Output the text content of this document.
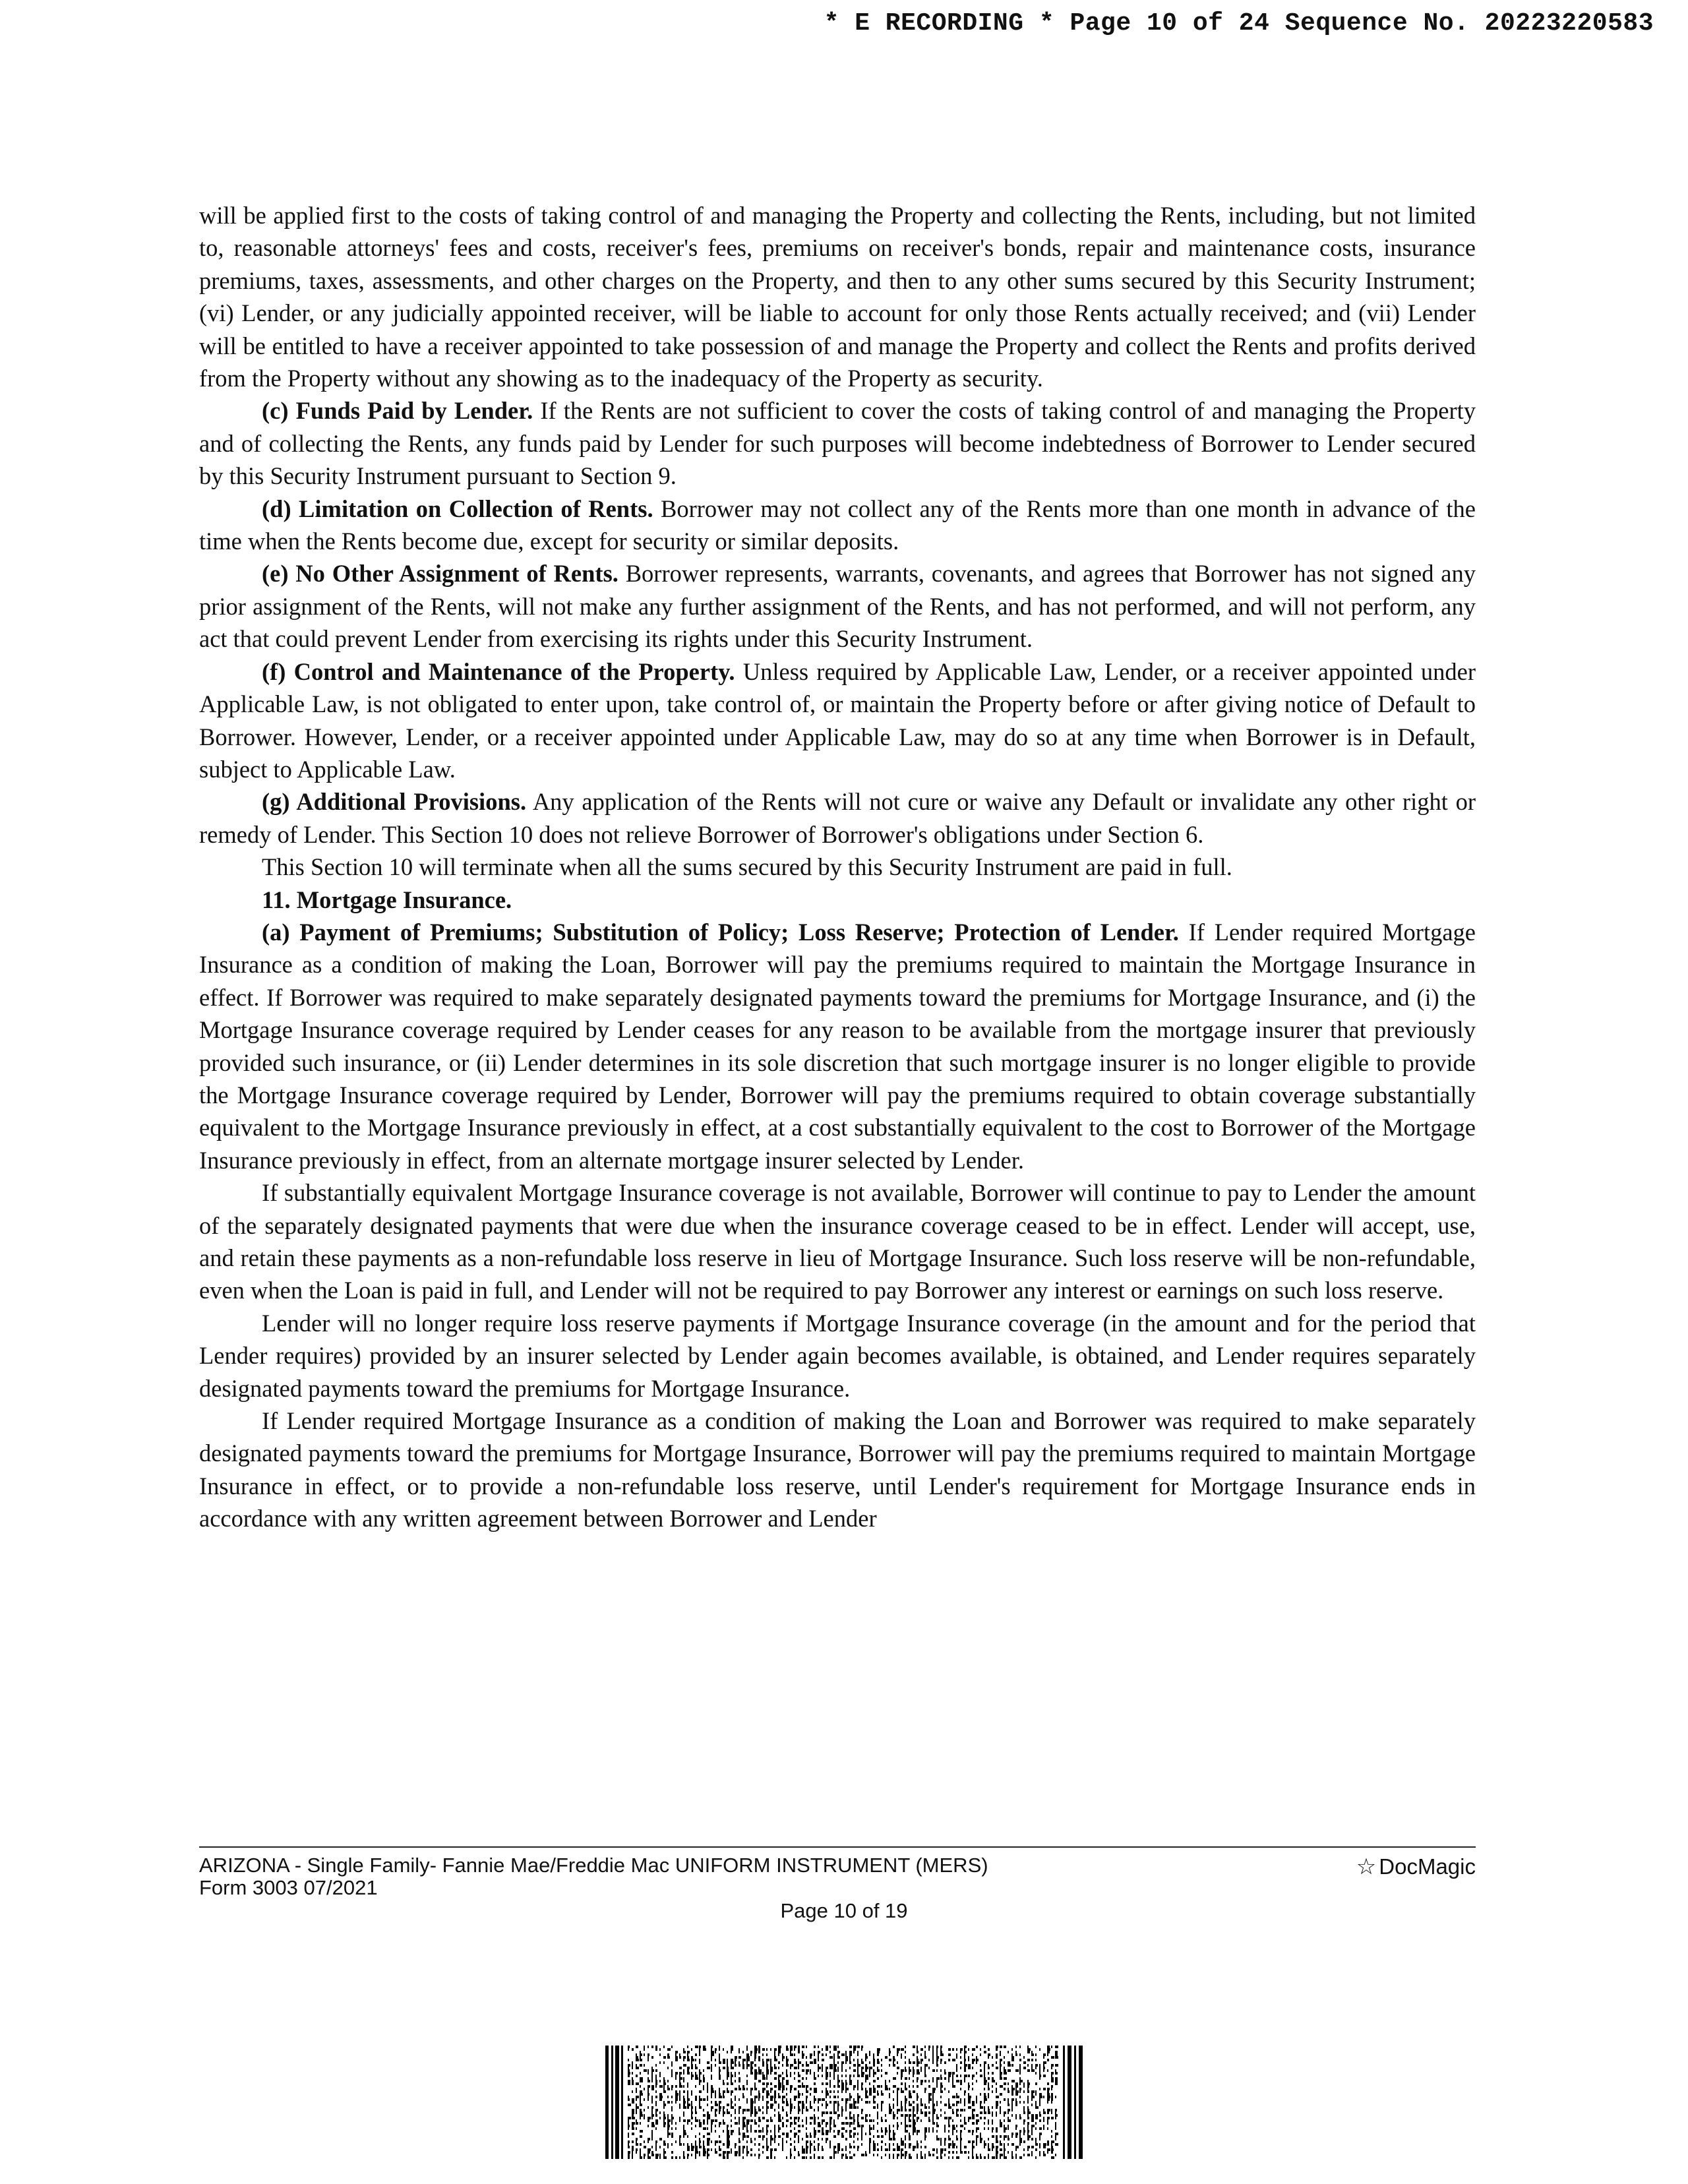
* E RECORDING * Page 10 of 24 Sequence No. 20223220583

will be applied first to the costs of taking control of and managing the Property and collecting the Rents, including, but not limited to, reasonable attorneys' fees and costs, receiver's fees, premiums on receiver's bonds, repair and maintenance costs, insurance premiums, taxes, assessments, and other charges on the Property, and then to any other sums secured by this Security Instrument; (vi) Lender, or any judicially appointed receiver, will be liable to account for only those Rents actually received; and (vii) Lender will be entitled to have a receiver appointed to take possession of and manage the Property and collect the Rents and profits derived from the Property without any showing as to the inadequacy of the Property as security.

(c) Funds Paid by Lender. If the Rents are not sufficient to cover the costs of taking control of and managing the Property and of collecting the Rents, any funds paid by Lender for such purposes will become indebtedness of Borrower to Lender secured by this Security Instrument pursuant to Section 9.

(d) Limitation on Collection of Rents. Borrower may not collect any of the Rents more than one month in advance of the time when the Rents become due, except for security or similar deposits.

(e) No Other Assignment of Rents. Borrower represents, warrants, covenants, and agrees that Borrower has not signed any prior assignment of the Rents, will not make any further assignment of the Rents, and has not performed, and will not perform, any act that could prevent Lender from exercising its rights under this Security Instrument.

(f) Control and Maintenance of the Property. Unless required by Applicable Law, Lender, or a receiver appointed under Applicable Law, is not obligated to enter upon, take control of, or maintain the Property before or after giving notice of Default to Borrower. However, Lender, or a receiver appointed under Applicable Law, may do so at any time when Borrower is in Default, subject to Applicable Law.

(g) Additional Provisions. Any application of the Rents will not cure or waive any Default or invalidate any other right or remedy of Lender. This Section 10 does not relieve Borrower of Borrower's obligations under Section 6.

This Section 10 will terminate when all the sums secured by this Security Instrument are paid in full.

11. Mortgage Insurance.

(a) Payment of Premiums; Substitution of Policy; Loss Reserve; Protection of Lender. If Lender required Mortgage Insurance as a condition of making the Loan, Borrower will pay the premiums required to maintain the Mortgage Insurance in effect. If Borrower was required to make separately designated payments toward the premiums for Mortgage Insurance, and (i) the Mortgage Insurance coverage required by Lender ceases for any reason to be available from the mortgage insurer that previously provided such insurance, or (ii) Lender determines in its sole discretion that such mortgage insurer is no longer eligible to provide the Mortgage Insurance coverage required by Lender, Borrower will pay the premiums required to obtain coverage substantially equivalent to the Mortgage Insurance previously in effect, at a cost substantially equivalent to the cost to Borrower of the Mortgage Insurance previously in effect, from an alternate mortgage insurer selected by Lender.

If substantially equivalent Mortgage Insurance coverage is not available, Borrower will continue to pay to Lender the amount of the separately designated payments that were due when the insurance coverage ceased to be in effect. Lender will accept, use, and retain these payments as a non-refundable loss reserve in lieu of Mortgage Insurance. Such loss reserve will be non-refundable, even when the Loan is paid in full, and Lender will not be required to pay Borrower any interest or earnings on such loss reserve.

Lender will no longer require loss reserve payments if Mortgage Insurance coverage (in the amount and for the period that Lender requires) provided by an insurer selected by Lender again becomes available, is obtained, and Lender requires separately designated payments toward the premiums for Mortgage Insurance.

If Lender required Mortgage Insurance as a condition of making the Loan and Borrower was required to make separately designated payments toward the premiums for Mortgage Insurance, Borrower will pay the premiums required to maintain Mortgage Insurance in effect, or to provide a non-refundable loss reserve, until Lender's requirement for Mortgage Insurance ends in accordance with any written agreement between Borrower and Lender

ARIZONA - Single Family- Fannie Mae/Freddie Mac UNIFORM INSTRUMENT (MERS)
Form 3003 07/2021
☆ DocMagic
Page 10 of 19
